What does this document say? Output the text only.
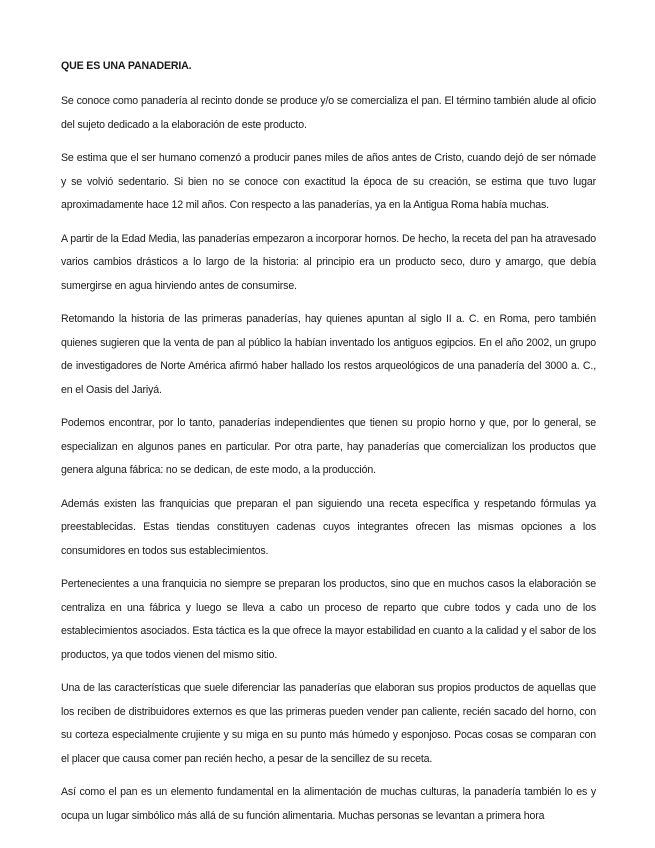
QUE ES UNA PANADERIA.

Se conoce como panadería al recinto donde se produce y/o se comercializa el pan. El término también alude al oficio del sujeto dedicado a la elaboración de este producto.

Se estima que el ser humano comenzó a producir panes miles de años antes de Cristo, cuando dejó de ser nómade y se volvió sedentario. Si bien no se conoce con exactitud la época de su creación, se estima que tuvo lugar aproximadamente hace 12 mil años. Con respecto a las panaderías, ya en la Antigua Roma había muchas.

A partir de la Edad Media, las panaderías empezaron a incorporar hornos. De hecho, la receta del pan ha atravesado varios cambios drásticos a lo largo de la historia: al principio era un producto seco, duro y amargo, que debía sumergirse en agua hirviendo antes de consumirse.

Retomando la historia de las primeras panaderías, hay quienes apuntan al siglo II a. C. en Roma, pero también quienes sugieren que la venta de pan al público la habían inventado los antiguos egipcios. En el año 2002, un grupo de investigadores de Norte América afirmó haber hallado los restos arqueológicos de una panadería del 3000 a. C., en el Oasis del Jariyá.

Podemos encontrar, por lo tanto, panaderías independientes que tienen su propio horno y que, por lo general, se especializan en algunos panes en particular. Por otra parte, hay panaderías que comercializan los productos que genera alguna fábrica: no se dedican, de este modo, a la producción.

Además existen las franquicias que preparan el pan siguiendo una receta específica y respetando fórmulas ya preestablecidas. Estas tiendas constituyen cadenas cuyos integrantes ofrecen las mismas opciones a los consumidores en todos sus establecimientos.

Pertenecientes a una franquicia no siempre se preparan los productos, sino que en muchos casos la elaboración se centraliza en una fábrica y luego se lleva a cabo un proceso de reparto que cubre todos y cada uno de los establecimientos asociados. Esta táctica es la que ofrece la mayor estabilidad en cuanto a la calidad y el sabor de los productos, ya que todos vienen del mismo sitio.

Una de las características que suele diferenciar las panaderías que elaboran sus propios productos de aquellas que los reciben de distribuidores externos es que las primeras pueden vender pan caliente, recién sacado del horno, con su corteza especialmente crujiente y su miga en su punto más húmedo y esponjoso. Pocas cosas se comparan con el placer que causa comer pan recién hecho, a pesar de la sencillez de su receta.

Así como el pan es un elemento fundamental en la alimentación de muchas culturas, la panadería también lo es y ocupa un lugar simbólico más allá de su función alimentaria. Muchas personas se levantan a primera hora
